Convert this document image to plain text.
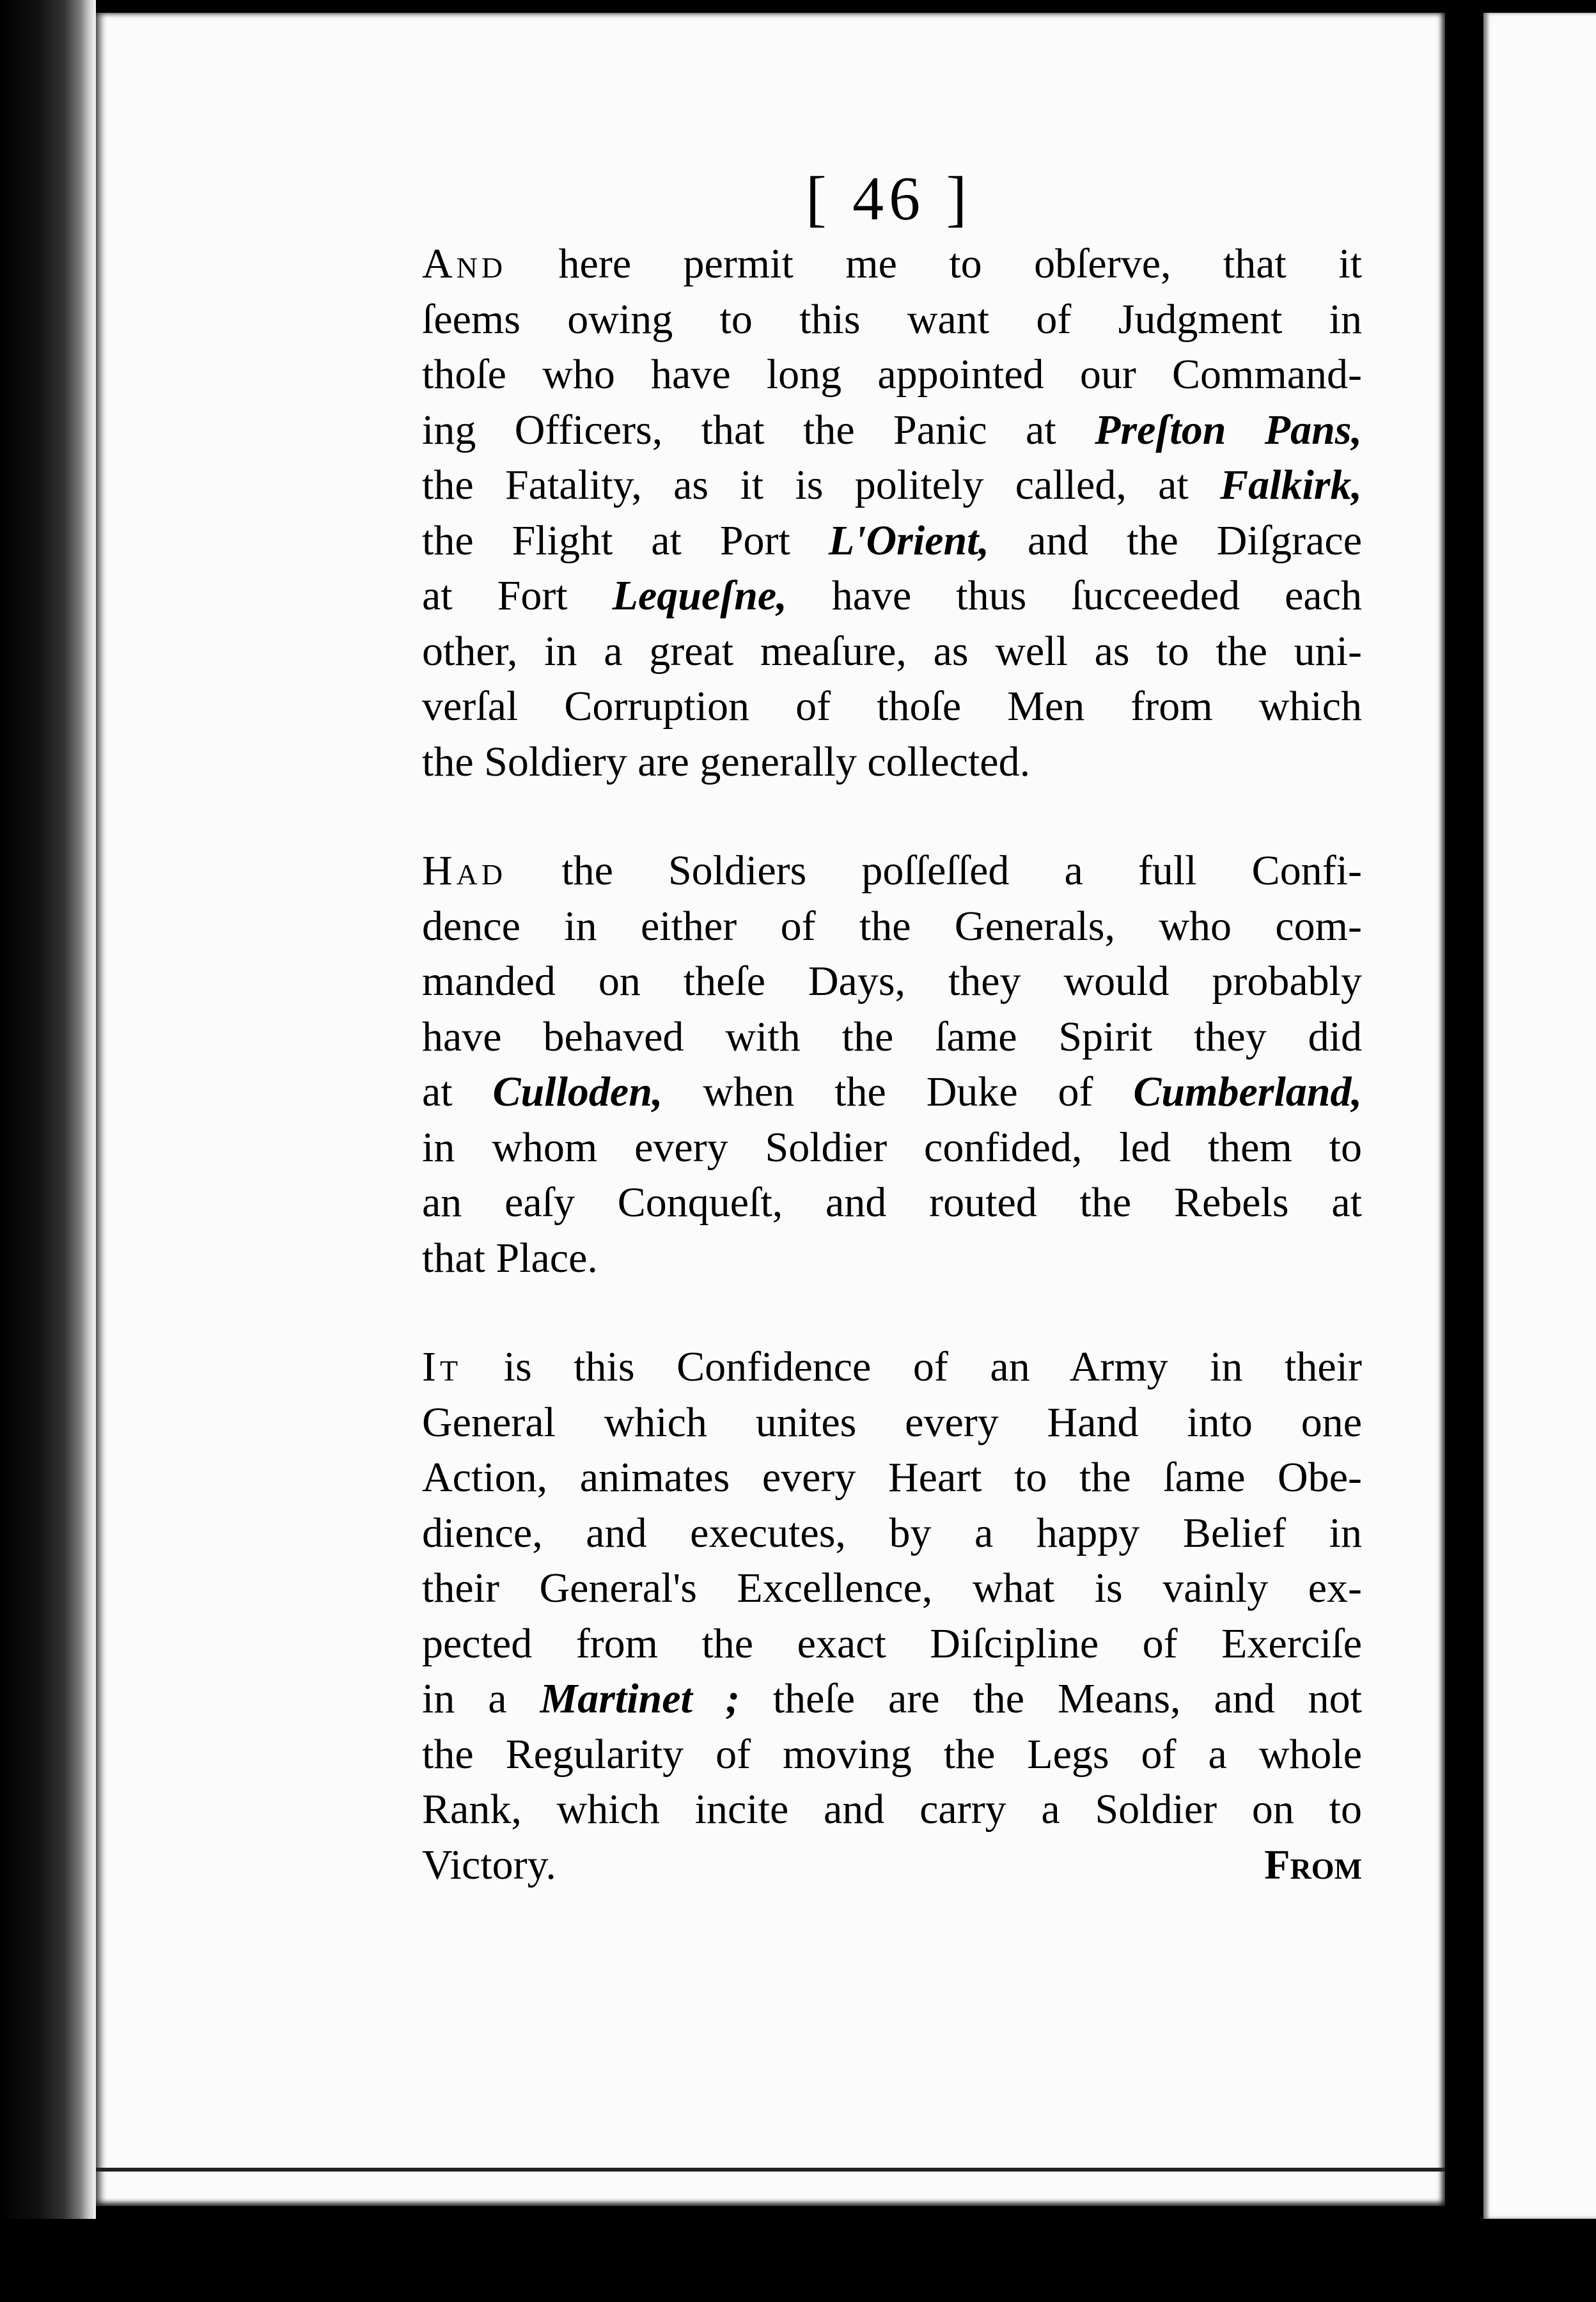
[ 46 ]
And here permit me to obſerve, that it
ſeems owing to this want of Judgment in
thoſe who have long appointed our Command-
ing Officers, that the Panic at Preſton Pans,
the Fatality, as it is politely called, at Falkirk,
the Flight at Port L'Orient, and the Diſgrace
at Fort Lequeſne, have thus ſucceeded each
other, in a great meaſure, as well as to the uni-
verſal Corruption of thoſe Men from which
the Soldiery are generally collected.
Had the Soldiers poſſeſſed a full Confi-
dence in either of the Generals, who com-
manded on theſe Days, they would probably
have behaved with the ſame Spirit they did
at Culloden, when the Duke of Cumberland,
in whom every Soldier confided, led them to
an eaſy Conqueſt, and routed the Rebels at
that Place.
It is this Confidence of an Army in their
General which unites every Hand into one
Action, animates every Heart to the ſame Obe-
dience, and executes, by a happy Belief in
their General's Excellence, what is vainly ex-
pected from the exact Diſcipline of Exerciſe
in a Martinet ; theſe are the Means, and not
the Regularity of moving the Legs of a whole
Rank, which incite and carry a Soldier on to
Victory.	From
